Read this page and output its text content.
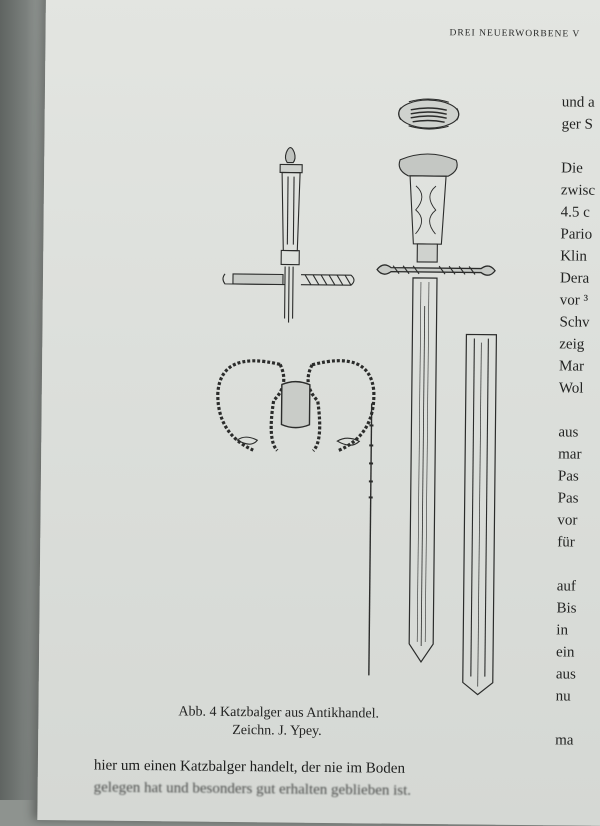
DREI NEUERWORBENE V
Abb. 4 Katzbalger aus Antikhandel.
Zeichn. J. Ypey.
und a
ger S
Die
zwisc
4.5 c
Pario
Klin
Dera
vor ³
Schv
zeig
Mar
Wol
aus
mar
Pas
Pas
vor
für
auf
Bis
in
ein
aus
nu
ma
hier um einen Katzbalger handelt, der nie im Boden
gelegen hat und besonders gut erhalten geblieben ist.
